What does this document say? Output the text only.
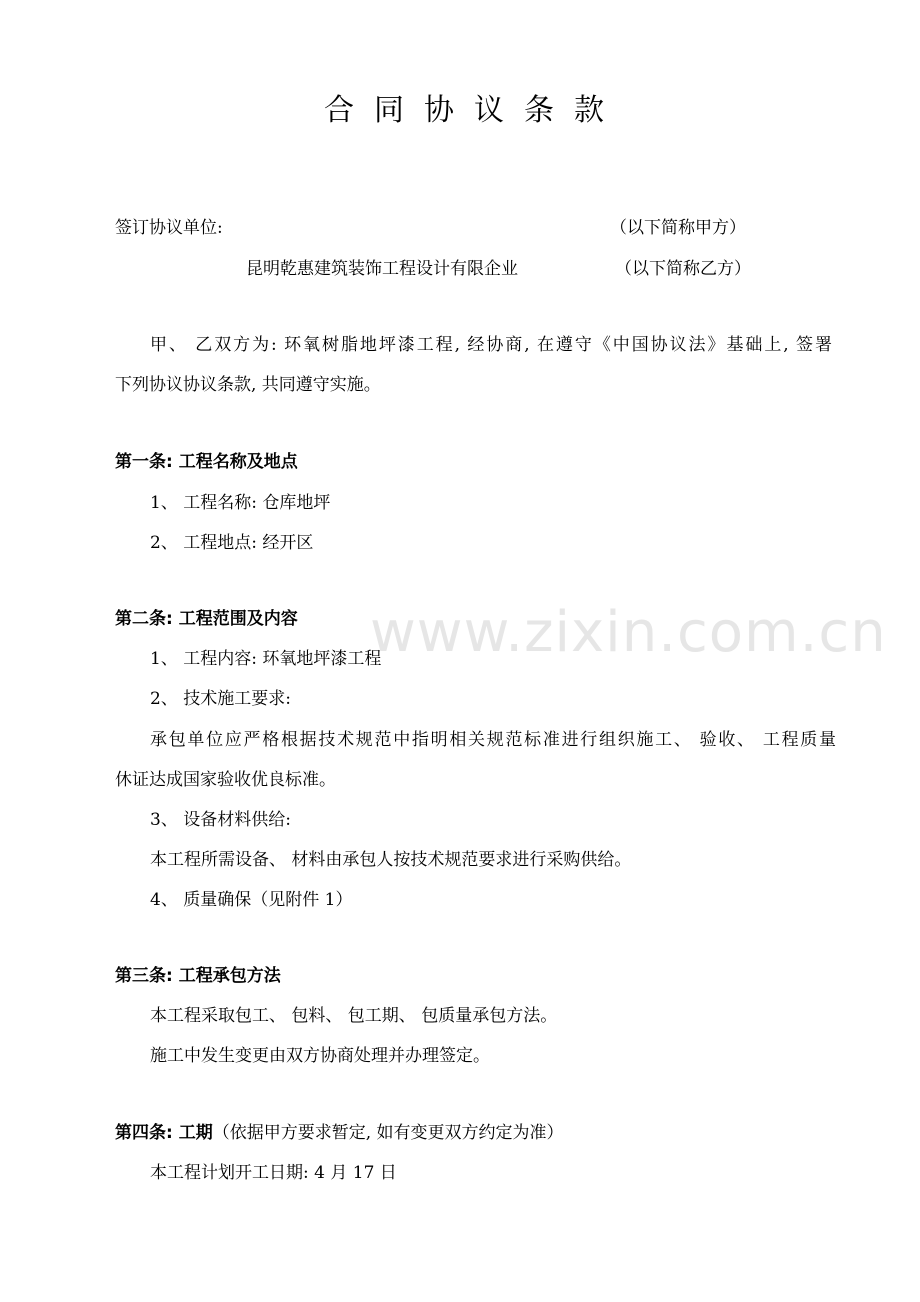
www.zixin.com.cn
合同协议条款
签订协议单位:	（以下简称甲方）
昆明乾惠建筑装饰工程设计有限企业	（以下简称乙方）
甲、 乙双方为: 环氧树脂地坪漆工程, 经协商, 在遵守《中国协议法》基础上, 签署
下列协议协议条款, 共同遵守实施。
第一条: 工程名称及地点
1、 工程名称: 仓库地坪
2、 工程地点: 经开区
第二条: 工程范围及内容
1、 工程内容: 环氧地坪漆工程
2、 技术施工要求:
承包单位应严格根据技术规范中指明相关规范标准进行组织施工、 验收、 工程质量
休证达成国家验收优良标准。
3、 设备材料供给:
本工程所需设备、 材料由承包人按技术规范要求进行采购供给。
4、 质量确保（见附件 1）
第三条: 工程承包方法
本工程采取包工、 包料、 包工期、 包质量承包方法。
施工中发生变更由双方协商处理并办理签定。
第四条: 工期（依据甲方要求暂定, 如有变更双方约定为准）
本工程计划开工日期: 4 月 17 日
